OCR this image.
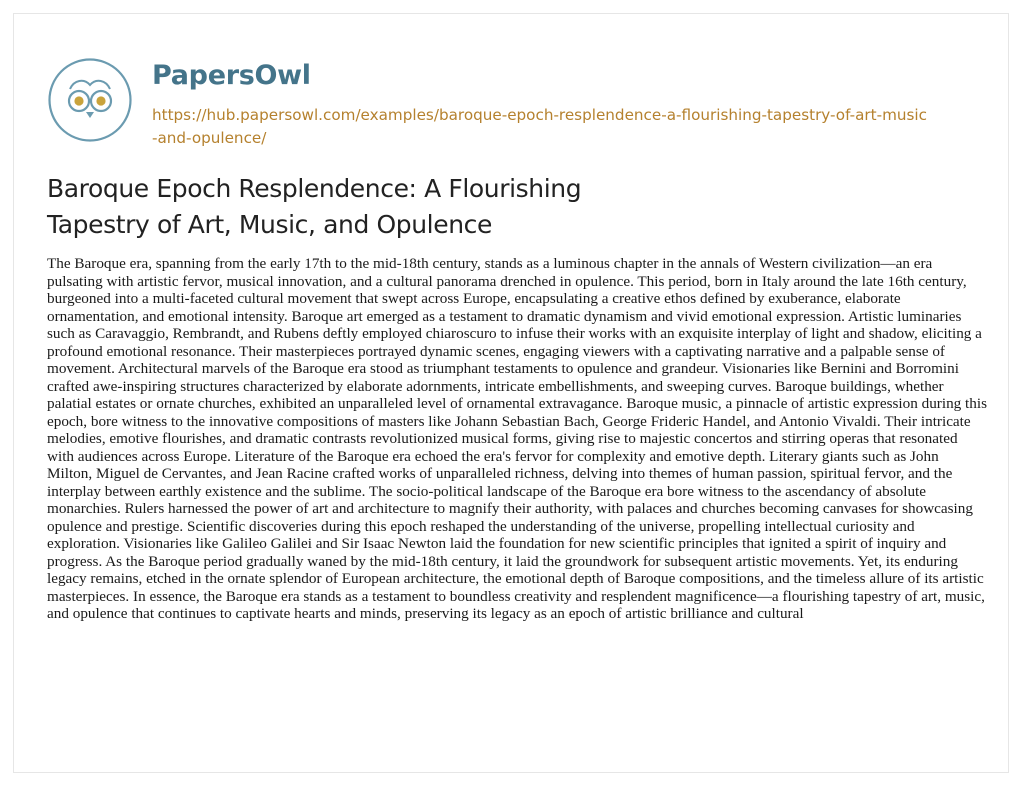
PapersOwl
https://hub.papersowl.com/examples/baroque-epoch-resplendence-a-flourishing-tapestry-of-art-music-and-opulence/
Baroque Epoch Resplendence: A Flourishing Tapestry of Art, Music, and Opulence

The Baroque era, spanning from the early 17th to the mid-18th century, stands as a luminous chapter in the annals of Western civilization—an era pulsating with artistic fervor, musical innovation, and a cultural panorama drenched in opulence. This period, born in Italy around the late 16th century, burgeoned into a multi-faceted cultural movement that swept across Europe, encapsulating a creative ethos defined by exuberance, elaborate ornamentation, and emotional intensity. Baroque art emerged as a testament to dramatic dynamism and vivid emotional expression. Artistic luminaries such as Caravaggio, Rembrandt, and Rubens deftly employed chiaroscuro to infuse their works with an exquisite interplay of light and shadow, eliciting a profound emotional resonance. Their masterpieces portrayed dynamic scenes, engaging viewers with a captivating narrative and a palpable sense of movement. Architectural marvels of the Baroque era stood as triumphant testaments to opulence and grandeur. Visionaries like Bernini and Borromini crafted awe-inspiring structures characterized by elaborate adornments, intricate embellishments, and sweeping curves. Baroque buildings, whether palatial estates or ornate churches, exhibited an unparalleled level of ornamental extravagance. Baroque music, a pinnacle of artistic expression during this epoch, bore witness to the innovative compositions of masters like Johann Sebastian Bach, George Frideric Handel, and Antonio Vivaldi. Their intricate melodies, emotive flourishes, and dramatic contrasts revolutionized musical forms, giving rise to majestic concertos and stirring operas that resonated with audiences across Europe. Literature of the Baroque era echoed the era's fervor for complexity and emotive depth. Literary giants such as John Milton, Miguel de Cervantes, and Jean Racine crafted works of unparalleled richness, delving into themes of human passion, spiritual fervor, and the interplay between earthly existence and the sublime. The socio-political landscape of the Baroque era bore witness to the ascendancy of absolute monarchies. Rulers harnessed the power of art and architecture to magnify their authority, with palaces and churches becoming canvases for showcasing opulence and prestige. Scientific discoveries during this epoch reshaped the understanding of the universe, propelling intellectual curiosity and exploration. Visionaries like Galileo Galilei and Sir Isaac Newton laid the foundation for new scientific principles that ignited a spirit of inquiry and progress. As the Baroque period gradually waned by the mid-18th century, it laid the groundwork for subsequent artistic movements. Yet, its enduring legacy remains, etched in the ornate splendor of European architecture, the emotional depth of Baroque compositions, and the timeless allure of its artistic masterpieces. In essence, the Baroque era stands as a testament to boundless creativity and resplendent magnificence—a flourishing tapestry of art, music, and opulence that continues to captivate hearts and minds, preserving its legacy as an epoch of artistic brilliance and cultural
